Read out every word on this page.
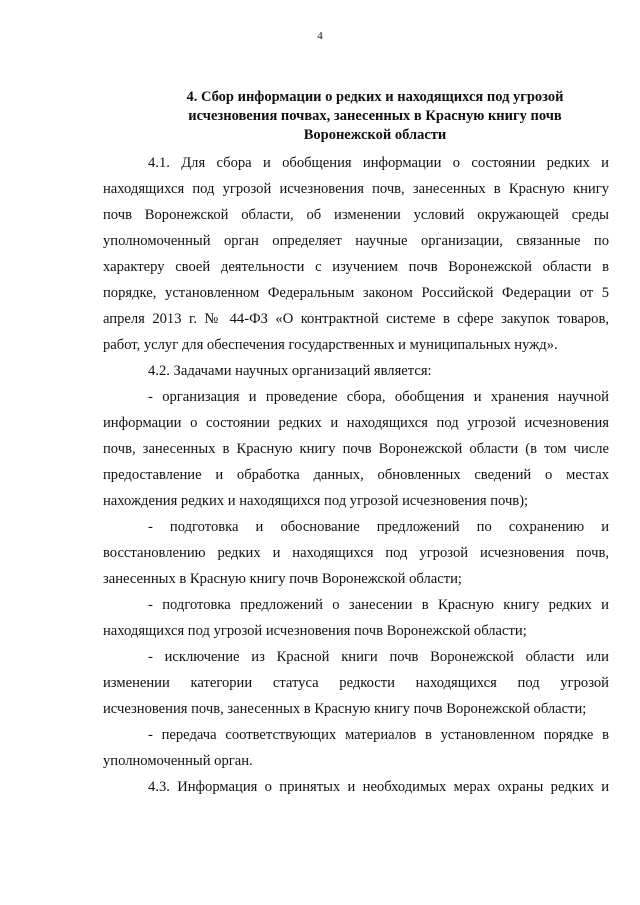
4
4. Сбор информации о редких и находящихся под угрозой
исчезновения почвах, занесенных в Красную книгу почв
Воронежской области
4.1. Для сбора и обобщения информации о состоянии редких и
находящихся под угрозой исчезновения почв, занесенных в Красную книгу
почв Воронежской области, об изменении условий окружающей среды
уполномоченный орган определяет научные организации, связанные по
характеру своей деятельности с изучением почв Воронежской области в
порядке, установленном Федеральным законом Российской Федерации от 5
апреля 2013 г. № 44-ФЗ «О контрактной системе в сфере закупок товаров,
работ, услуг для обеспечения государственных и муниципальных нужд».
4.2. Задачами научных организаций является:
- организация и проведение сбора, обобщения и хранения научной
информации о состоянии редких и находящихся под угрозой исчезновения
почв, занесенных в Красную книгу почв Воронежской области (в том числе
предоставление и обработка данных, обновленных сведений о местах
нахождения редких и находящихся под угрозой исчезновения почв);
- подготовка и обоснование предложений по сохранению и
восстановлению редких и находящихся под угрозой исчезновения почв,
занесенных в Красную книгу почв Воронежской области;
- подготовка предложений о занесении в Красную книгу редких и
находящихся под угрозой исчезновения почв Воронежской области;
- исключение из Красной книги почв Воронежской области или
изменении категории статуса редкости находящихся под угрозой
исчезновения почв, занесенных в Красную книгу почв Воронежской области;
- передача соответствующих материалов в установленном порядке в
уполномоченный орган.
4.3. Информация о принятых и необходимых мерах охраны редких и
